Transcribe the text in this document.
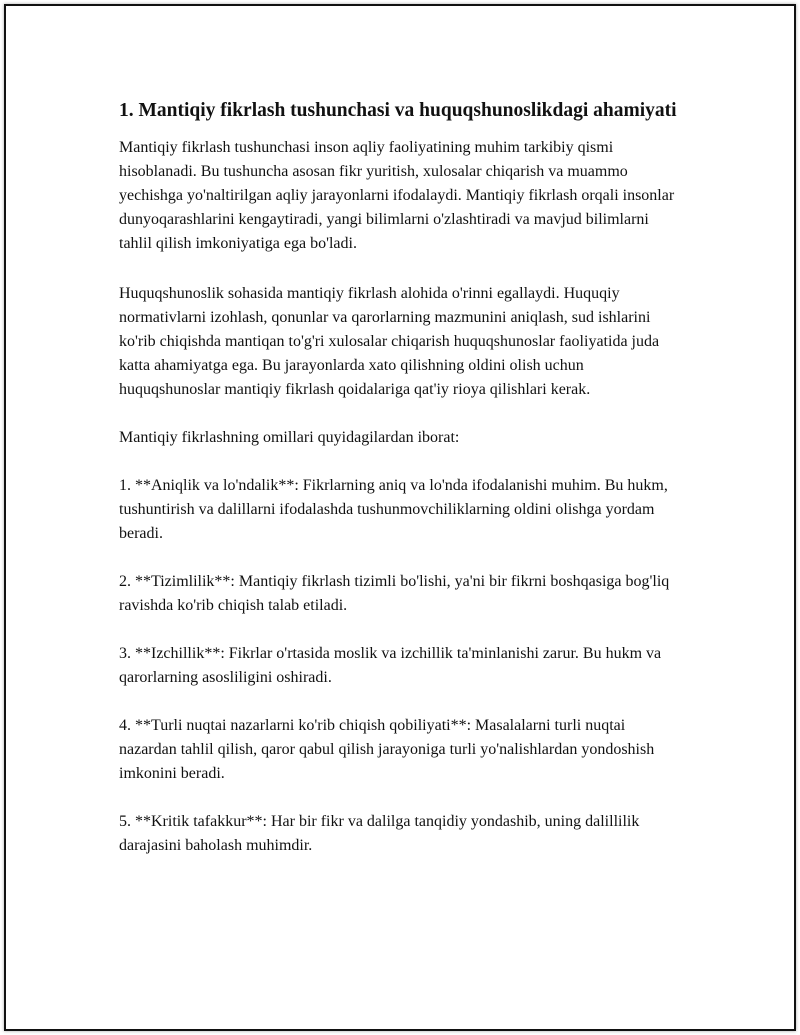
1. Mantiqiy fikrlash tushunchasi va huquqshunoslikdagi ahamiyati

Mantiqiy fikrlash tushunchasi inson aqliy faoliyatining muhim tarkibiy qismi hisoblanadi. Bu tushuncha asosan fikr yuritish, xulosalar chiqarish va muammo yechishga yo'naltirilgan aqliy jarayonlarni ifodalaydi. Mantiqiy fikrlash orqali insonlar dunyoqarashlarini kengaytiradi, yangi bilimlarni o'zlashtiradi va mavjud bilimlarni tahlil qilish imkoniyatiga ega bo'ladi.

Huquqshunoslik sohasida mantiqiy fikrlash alohida o'rinni egallaydi. Huquqiy normativlarni izohlash, qonunlar va qarorlarning mazmunini aniqlash, sud ishlarini ko'rib chiqishda mantiqan to'g'ri xulosalar chiqarish huquqshunoslar faoliyatida juda katta ahamiyatga ega. Bu jarayonlarda xato qilishning oldini olish uchun huquqshunoslar mantiqiy fikrlash qoidalariga qat'iy rioya qilishlari kerak.

Mantiqiy fikrlashning omillari quyidagilardan iborat:

1. **Aniqlik va lo'ndalik**: Fikrlarning aniq va lo'nda ifodalanishi muhim. Bu hukm, tushuntirish va dalillarni ifodalashda tushunmovchiliklarning oldini olishga yordam beradi.

2. **Tizimlilik**: Mantiqiy fikrlash tizimli bo'lishi, ya'ni bir fikrni boshqasiga bog'liq ravishda ko'rib chiqish talab etiladi.

3. **Izchillik**: Fikrlar o'rtasida moslik va izchillik ta'minlanishi zarur. Bu hukm va qarorlarning asosliligini oshiradi.

4. **Turli nuqtai nazarlarni ko'rib chiqish qobiliyati**: Masalalarni turli nuqtai nazardan tahlil qilish, qaror qabul qilish jarayoniga turli yo'nalishlardan yondoshish imkonini beradi.

5. **Kritik tafakkur**: Har bir fikr va dalilga tanqidiy yondashib, uning dalillilik darajasini baholash muhimdir.
